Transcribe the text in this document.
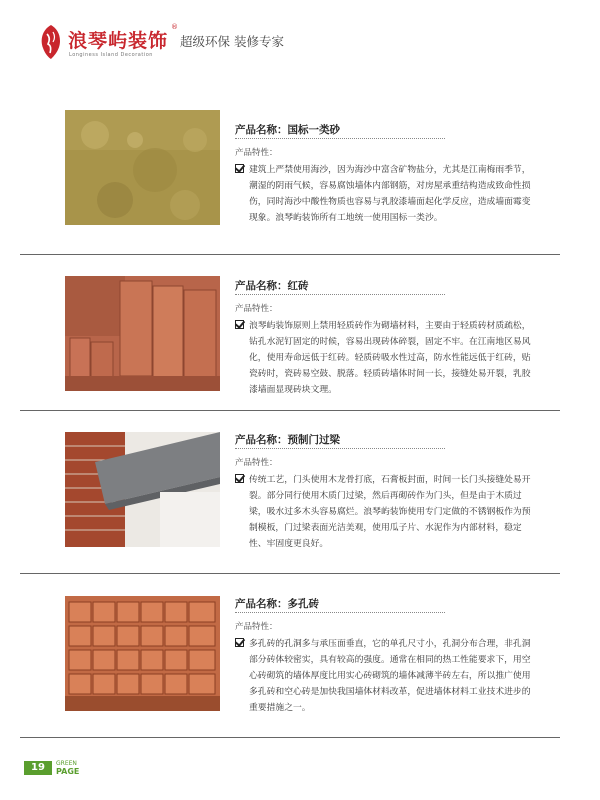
浪琴屿装饰
®
Longiness Island Decoration
超级环保 装修专家
产品名称：国标一类砂
产品特性：
建筑上严禁使用海沙，因为海沙中富含矿物盐分，尤其是江南梅雨季节，潮湿的阴雨气候，容易腐蚀墙体内部钢筋，对房屋承重结构造成致命性损伤，同时海沙中酸性物质也容易与乳胶漆墙面起化学反应，造成墙面霉变现象。浪琴屿装饰所有工地统一使用国标一类沙。
产品名称：红砖
产品特性：
浪琴屿装饰原则上禁用轻质砖作为砌墙材料，主要由于轻质砖材质疏松，钻孔水泥钉固定的时候，容易出现砖体碎裂，固定不牢。在江南地区易风化，使用寿命远低于红砖。轻质砖吸水性过高，防水性能远低于红砖，贴瓷砖时，瓷砖易空鼓、脱落。轻质砖墙体时间一长，接缝处易开裂，乳胶漆墙面显现砖块文理。
产品名称：预制门过梁
产品特性：
传统工艺，门头使用木龙骨打底，石膏板封面，时间一长门头接缝处易开裂。部分同行使用木质门过梁，然后再砌砖作为门头，但是由于木质过梁，吸水过多木头容易腐烂。浪琴屿装饰使用专门定做的不锈钢板作为预制模板，门过梁表面光洁美观，使用瓜子片、水泥作为内部材料，稳定性、牢固度更良好。
产品名称：多孔砖
产品特性：
多孔砖的孔洞多与承压面垂直，它的单孔尺寸小，孔洞分布合理，非孔洞部分砖体较密实，具有较高的强度。通常在相同的热工性能要求下，用空心砖砌筑的墙体厚度比用实心砖砌筑的墙体减薄半砖左右，所以推广使用多孔砖和空心砖是加快我国墙体材料改革，促进墙体材料工业技术进步的重要措施之一。
19	GREEN
PAGE
